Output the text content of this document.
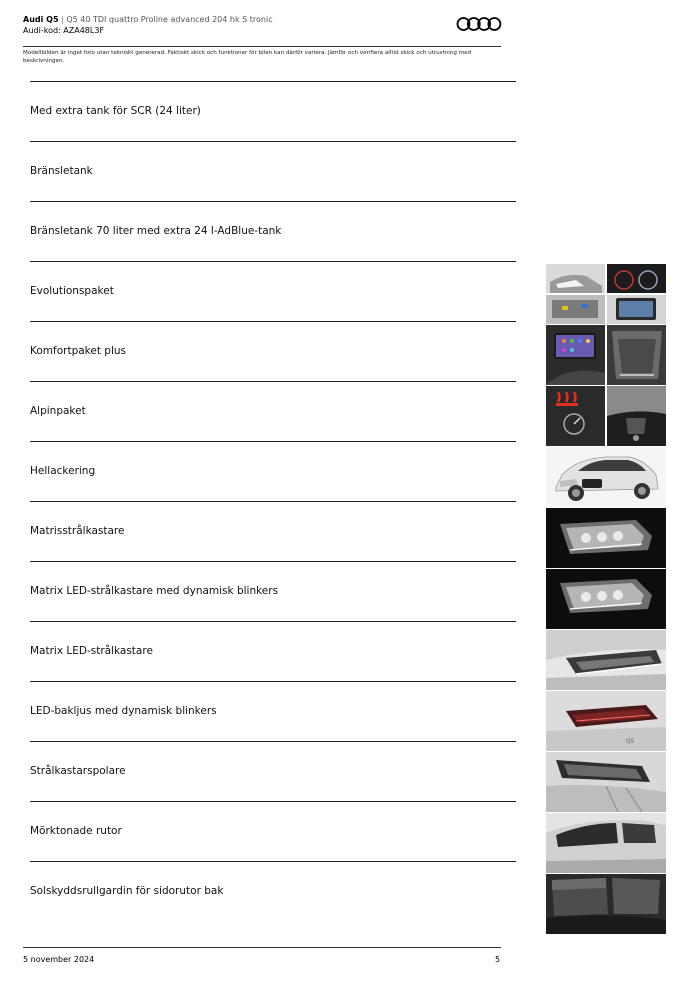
Audi Q5 | Q5 40 TDI quattro Proline advanced 204 hk S tronic
Audi-kod: AZA48L3F
Modellbilden är inget foto utan tekniskt genererad. Faktiskt skick och funktioner för bilen kan därför variera. Jämför och verifiera alltid skick och utrustning med beskrivningen.
Med extra tank för SCR (24 liter)
Bränsletank
Bränsletank 70 liter med extra 24 l-AdBlue-tank
Evolutionspaket
Komfortpaket plus
Alpinpaket
Hellackering
Matrisstrålkastare
Matrix LED-strålkastare med dynamisk blinkers
Matrix LED-strålkastare
LED-bakljus med dynamisk blinkers
Strålkastarspolare
Mörktonade rutor
Solskyddsrullgardin för sidorutor bak
Q5
5 november 2024	5
